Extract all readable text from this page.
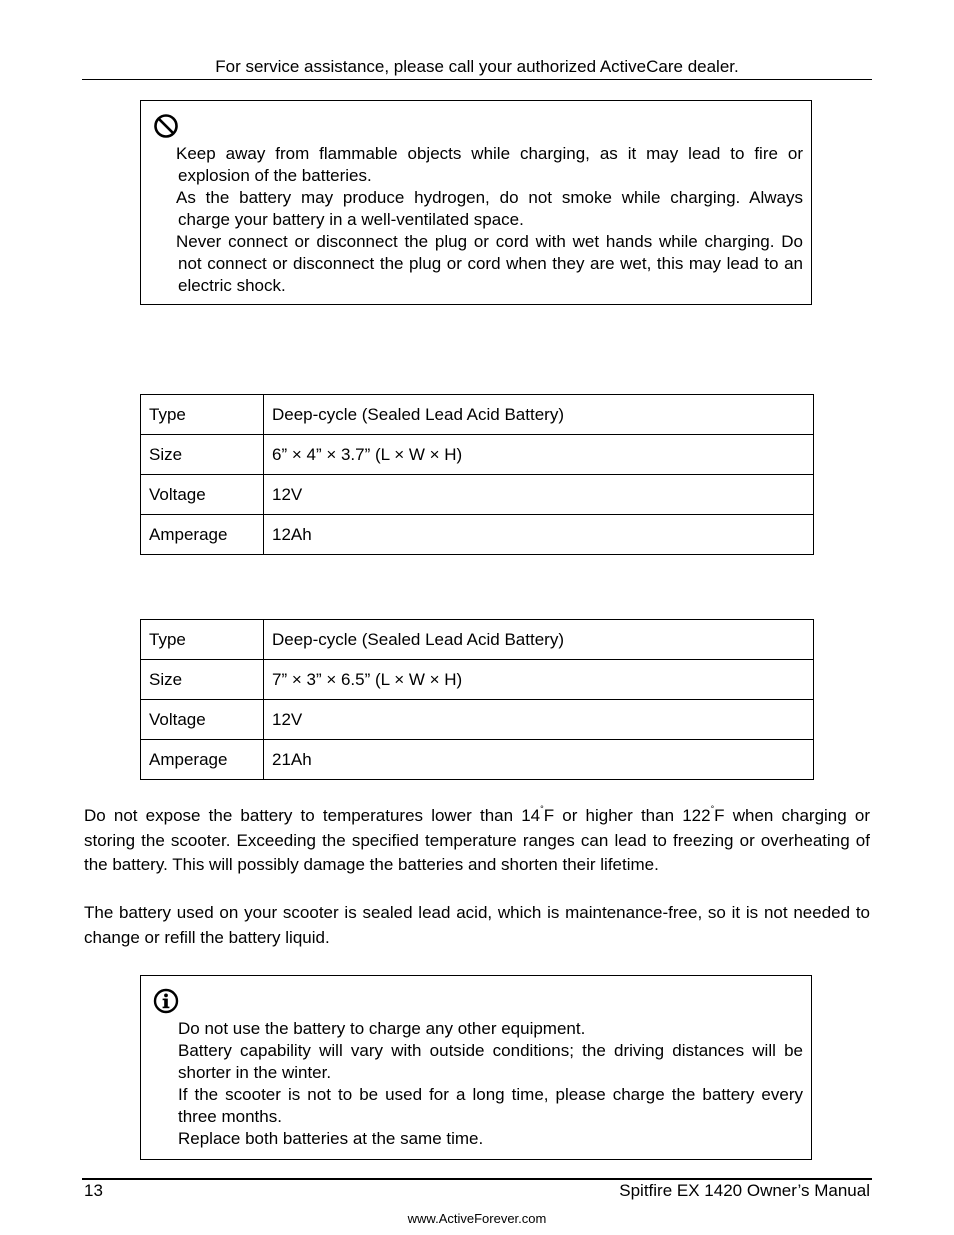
For service assistance, please call your authorized ActiveCare dealer.
Keep away from flammable objects while charging, as it may lead to fire or explosion of the batteries.
As the battery may produce hydrogen, do not smoke while charging. Always charge your battery in a well-ventilated space.
Never connect or disconnect the plug or cord with wet hands while charging. Do not connect or disconnect the plug or cord when they are wet, this may lead to an electric shock.
Type	Deep-cycle (Sealed Lead Acid Battery)
Size	6” × 4” × 3.7” (L × W × H)
Voltage	12V
Amperage	12Ah
Type	Deep-cycle (Sealed Lead Acid Battery)
Size	7” × 3” × 6.5” (L × W × H)
Voltage	12V
Amperage	21Ah

Do not expose the battery to temperatures lower than 14°F or higher than 122°F when charging or storing the scooter. Exceeding the specified temperature ranges can lead to freezing or overheating of the battery. This will possibly damage the batteries and shorten their lifetime.

The battery used on your scooter is sealed lead acid, which is maintenance-free, so it is not needed to change or refill the battery liquid.

Do not use the battery to charge any other equipment.
Battery capability will vary with outside conditions; the driving distances will be shorter in the winter.
If the scooter is not to be used for a long time, please charge the battery every three months.
Replace both batteries at the same time.
13	Spitfire EX 1420 Owner’s Manual
www.ActiveForever.com
